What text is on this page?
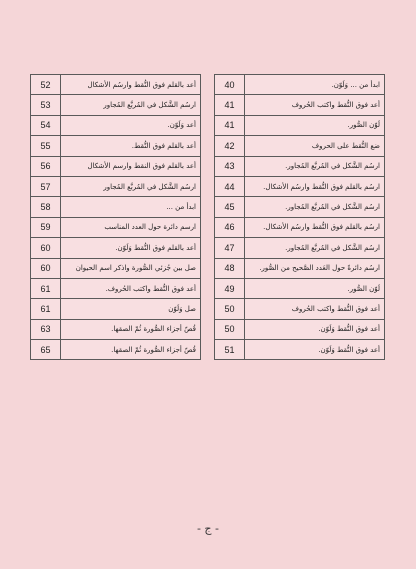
52	أعد بالقلم فوق النُّقط وارسُم الأشكال
53	ارسُم الشَّكل في المُربَّع المُجاور
54	أعد وَلَوّن.
55	أعد بالقلم فوق النُّقط.
56	أعد بالقلم فوق النقط وارسم الأشكال
57	ارسُم الشَّكل في المُربَّع المُجاور
58	ابدأ من ...
59	ارسم دائرة حول العدد المناسب
60	أعد بالقلم فوق النُّقط وَلَوّن.
60	صل بين جُزئي الصُّورة واذكر اسم الحيوان
61	أعد فوق النُّقط واكتب الحُروف.
61	صل وَلَوّن
63	قُصّ أجزاء الصُّورة ثُمّ الصقها.
65	قُصّ أجزاء الصُّورة ثُمّ الصقها.
40	ابدأ من ... وَلَوّن.
41	أعد فوق النُّقط واكتب الحُروف
41	لَوّن الصُّور.
42	ضع النُّقط على الحروف
43	ارسُم الشَّكل في المُربَّع المُجاور.
44	ارسُم بالقلم فوق النُّقط وارسُم الأشكال.
45	ارسُم الشَّكل في المُربَّع المُجاور.
46	ارسُم بالقلم فوق النُّقط وارسُم الأشكال.
47	ارسُم الشَّكل في المُربَّع المُجاور.
48	ارسُم دائرةً حول العَدد الصَّحيح من الصُّور.
49	لَوّن الصُّور.
50	أعد فوق النُّقط واكتب الحُروف
50	أعد فوق النُّقط وَلَوّن.
51	أعد فوق النُّقط وَلَوّن.
- ج -
